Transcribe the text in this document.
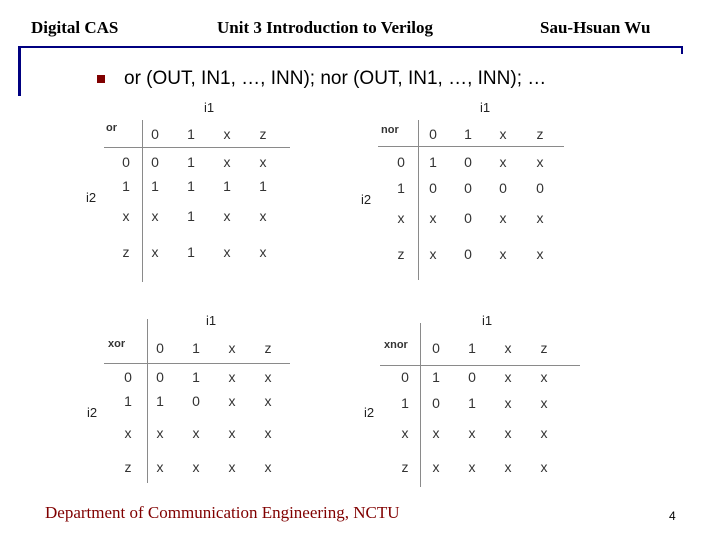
Digital CAS	Unit 3 Introduction to Verilog	Sau-Hsuan Wu
or (OUT, IN1, …, INN); nor (OUT, IN1, …, INN); …
or
i1
i2
0 1 x z
0 0 1 x x
1 1 1 1 1
x x 1 x x
z x 1 x x
nor
i1
i2
0 1 x z
0 1 0 x x
1 0 0 0 0
x x 0 x x
z x 0 x x
xor
i1
i2
0 1 x z
0 0 1 x x
1 1 0 x x
x x x x x
z x x x x
xnor
i1
i2
0 1 x z
0 1 0 x x
1 0 1 x x
x x x x x
z x x x x
Department of Communication Engineering, NCTU	4
